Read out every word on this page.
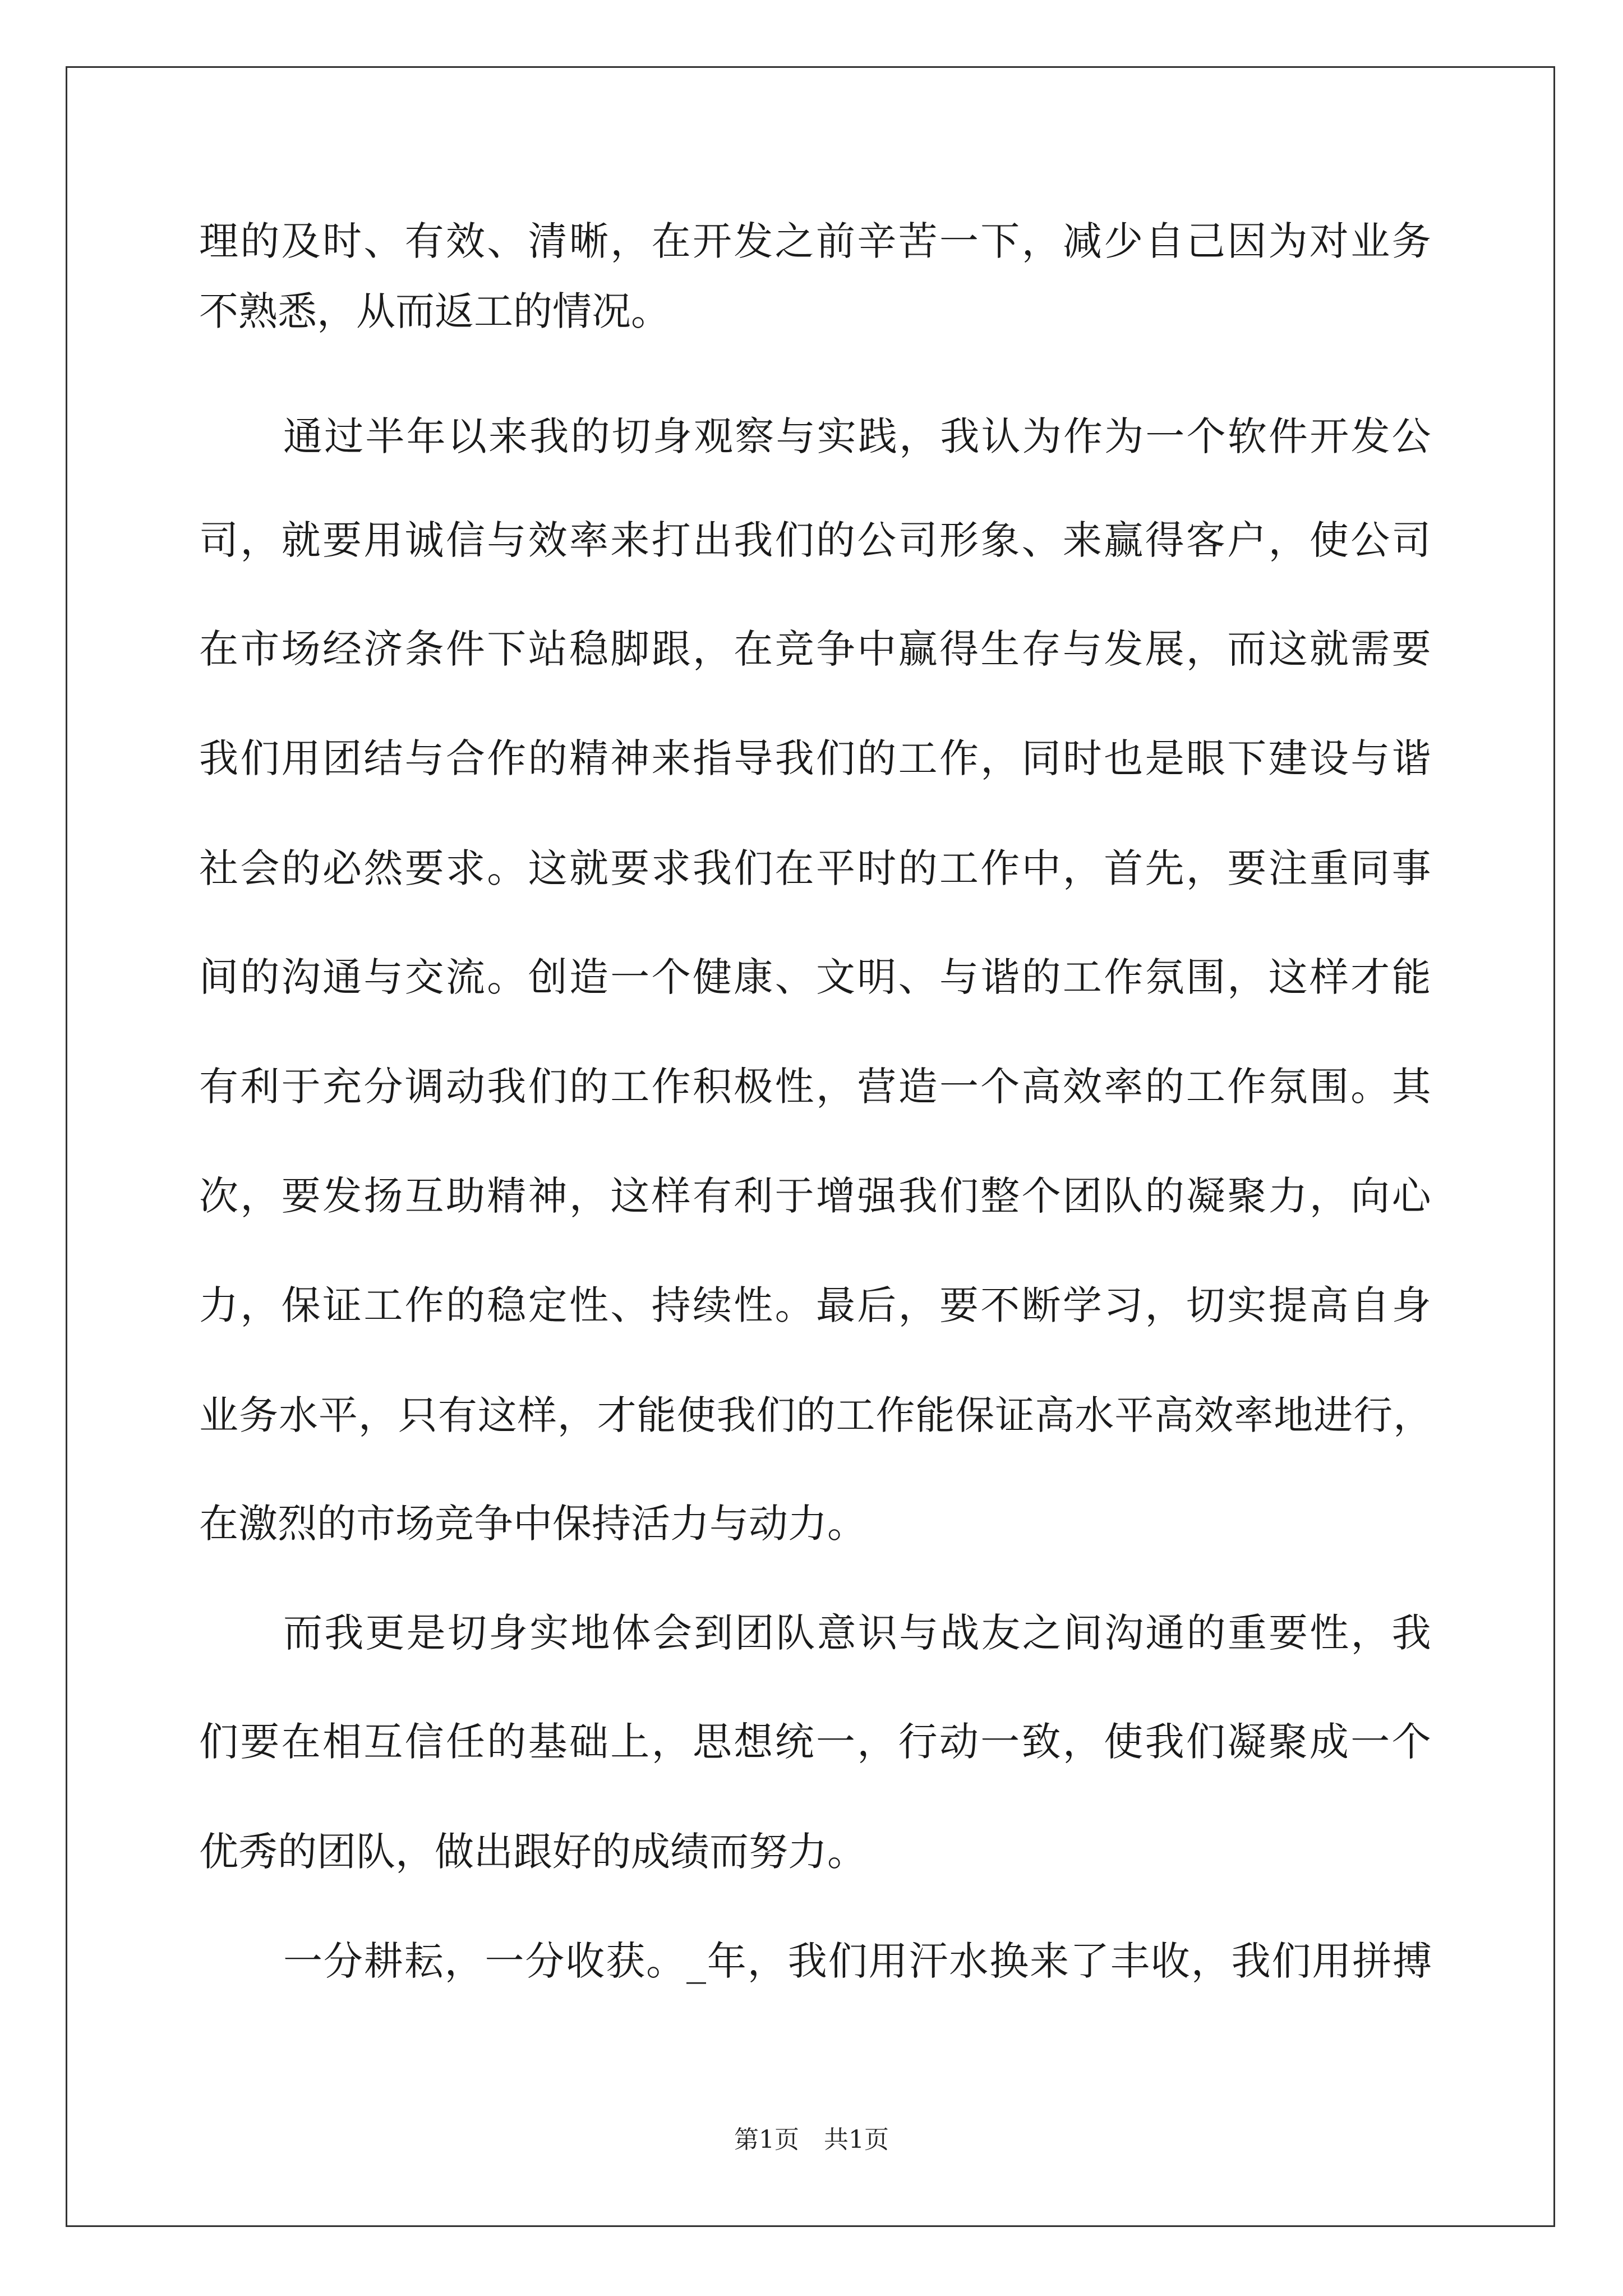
理的及时、有效、清晰，在开发之前辛苦一下，减少自己因为对业务
不熟悉，从而返工的情况。
通过半年以来我的切身观察与实践，我认为作为一个软件开发公
司，就要用诚信与效率来打出我们的公司形象、来赢得客户，使公司
在市场经济条件下站稳脚跟，在竞争中赢得生存与发展，而这就需要
我们用团结与合作的精神来指导我们的工作，同时也是眼下建设与谐
社会的必然要求。这就要求我们在平时的工作中，首先，要注重同事
间的沟通与交流。创造一个健康、文明、与谐的工作氛围，这样才能
有利于充分调动我们的工作积极性，营造一个高效率的工作氛围。其
次，要发扬互助精神，这样有利于增强我们整个团队的凝聚力，向心
力，保证工作的稳定性、持续性。最后，要不断学习，切实提高自身
业务水平，只有这样，才能使我们的工作能保证高水平高效率地进行，
在激烈的市场竞争中保持活力与动力。
而我更是切身实地体会到团队意识与战友之间沟通的重要性，我
们要在相互信任的基础上，思想统一，行动一致，使我们凝聚成一个
优秀的团队，做出跟好的成绩而努力。
一分耕耘，一分收获。_年，我们用汗水换来了丰收，我们用拼搏
第1页　共1页
